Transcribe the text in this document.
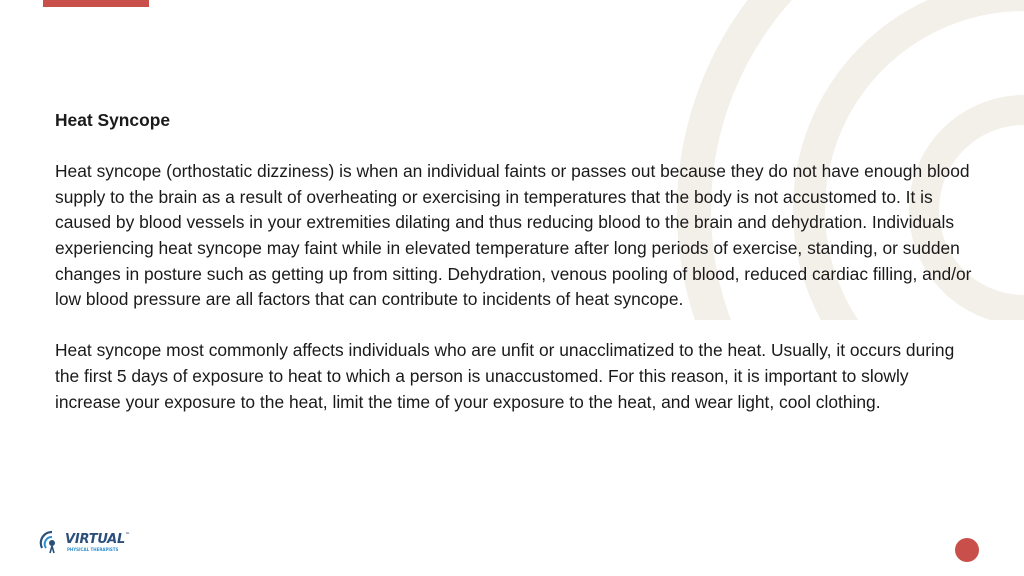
Heat Syncope
Heat syncope (orthostatic dizziness) is when an individual faints or passes out because they do not have enough blood supply to the brain as a result of overheating or exercising in temperatures that the body is not accustomed to. It is caused by blood vessels in your extremities dilating and thus reducing blood to the brain and dehydration. Individuals experiencing heat syncope may faint while in elevated temperature after long periods of exercise, standing, or sudden changes in posture such as getting up from sitting. Dehydration, venous pooling of blood, reduced cardiac filling, and/or low blood pressure are all factors that can contribute to incidents of heat syncope.
Heat syncope most commonly affects individuals who are unfit or unacclimatized to the heat. Usually, it occurs during the first 5 days of exposure to heat to which a person is unaccustomed. For this reason, it is important to slowly increase your exposure to the heat, limit the time of your exposure to the heat, and wear light, cool clothing.
VIRTUAL™
PHYSICAL THERAPISTS
